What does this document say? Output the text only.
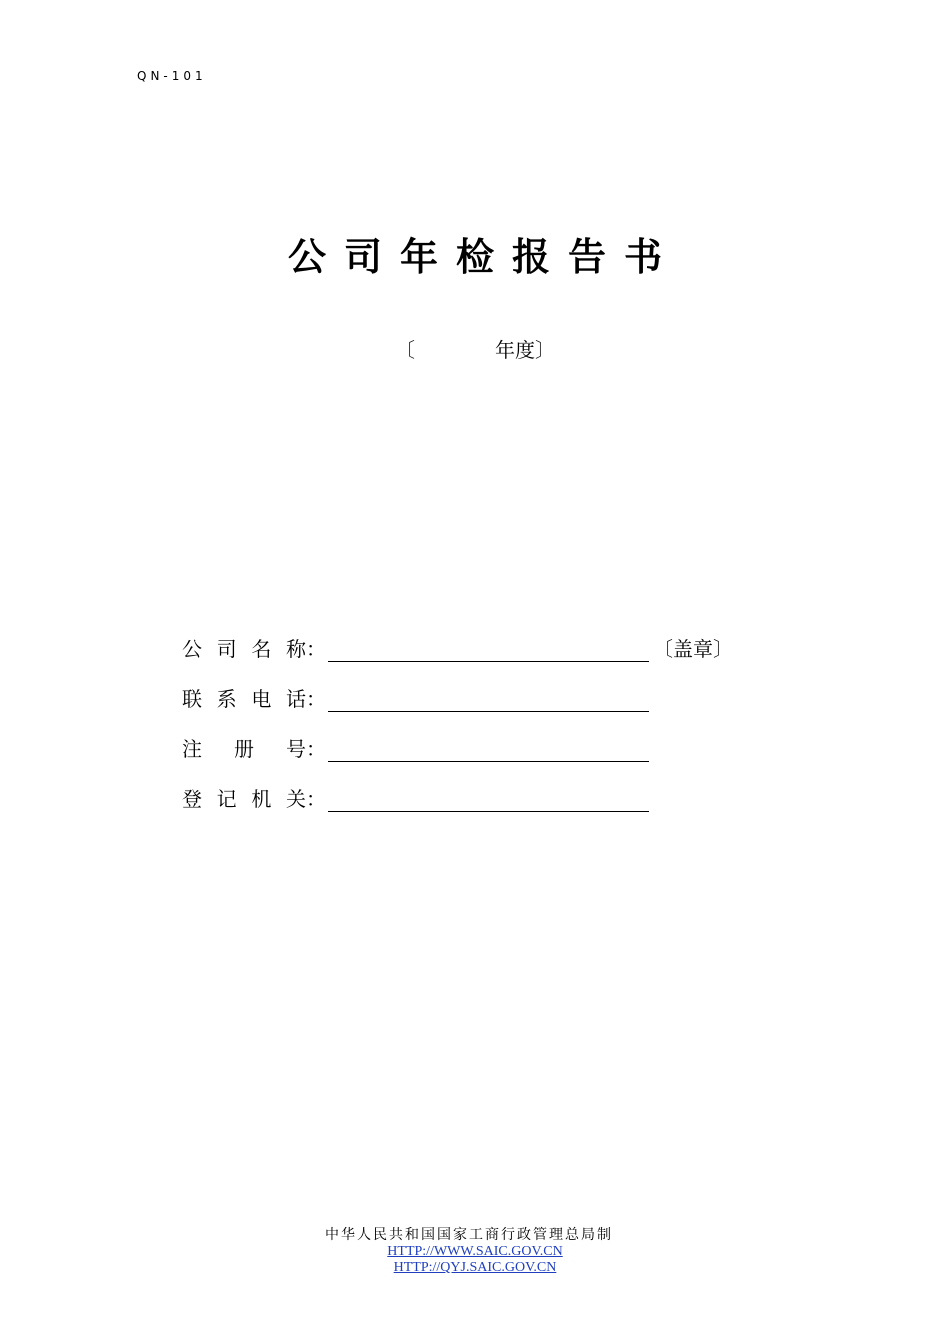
QN-101
公司年检报告书
〔	年度〕
公 司 名 称：	〔盖章〕
联 系 电 话：
注 册 号：
登 记 机 关：
中华人民共和国国家工商行政管理总局制
HTTP://WWW.SAIC.GOV.CN
HTTP://QYJ.SAIC.GOV.CN
